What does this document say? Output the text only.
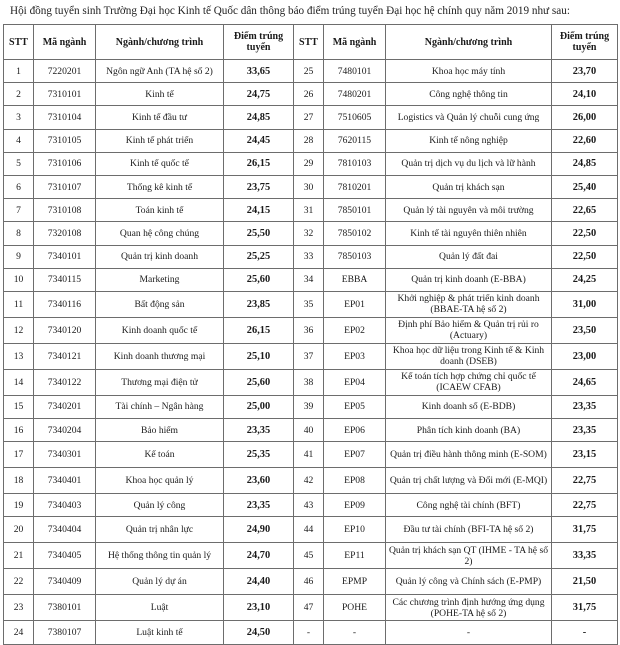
Hội đồng tuyển sinh Trường Đại học Kinh tế Quốc dân thông báo điểm trúng tuyển Đại học hệ chính quy năm 2019 như sau:
STT	Mã ngành	Ngành/chương trình	Điểm trúng tuyển	STT	Mã ngành	Ngành/chương trình	Điểm trúng tuyển
1	7220201	Ngôn ngữ Anh (TA hệ số 2)	33,65	25	7480101	Khoa học máy tính	23,70
2	7310101	Kinh tế	24,75	26	7480201	Công nghệ thông tin	24,10
3	7310104	Kinh tế đầu tư	24,85	27	7510605	Logistics và Quản lý chuỗi cung ứng	26,00
4	7310105	Kinh tế phát triển	24,45	28	7620115	Kinh tế nông nghiệp	22,60
5	7310106	Kinh tế quốc tế	26,15	29	7810103	Quản trị dịch vụ du lịch và lữ hành	24,85
6	7310107	Thống kê kinh tế	23,75	30	7810201	Quản trị khách sạn	25,40
7	7310108	Toán kinh tế	24,15	31	7850101	Quản lý tài nguyên và môi trường	22,65
8	7320108	Quan hệ công chúng	25,50	32	7850102	Kinh tế tài nguyên thiên nhiên	22,50
9	7340101	Quản trị kinh doanh	25,25	33	7850103	Quản lý đất đai	22,50
10	7340115	Marketing	25,60	34	EBBA	Quản trị kinh doanh (E-BBA)	24,25
11	7340116	Bất động sản	23,85	35	EP01	Khởi nghiệp & phát triển kinh doanh (BBAE-TA hệ số 2)	31,00
12	7340120	Kinh doanh quốc tế	26,15	36	EP02	Định phí Bảo hiểm & Quản trị rủi ro (Actuary)	23,50
13	7340121	Kinh doanh thương mại	25,10	37	EP03	Khoa học dữ liệu trong Kinh tế & Kinh doanh (DSEB)	23,00
14	7340122	Thương mại điện tử	25,60	38	EP04	Kế toán tích hợp chứng chỉ quốc tế (ICAEW CFAB)	24,65
15	7340201	Tài chính – Ngân hàng	25,00	39	EP05	Kinh doanh số (E-BDB)	23,35
16	7340204	Bảo hiểm	23,35	40	EP06	Phân tích kinh doanh (BA)	23,35
17	7340301	Kế toán	25,35	41	EP07	Quản trị điều hành thông minh (E-SOM)	23,15
18	7340401	Khoa học quản lý	23,60	42	EP08	Quản trị chất lượng và Đổi mới (E-MQI)	22,75
19	7340403	Quản lý công	23,35	43	EP09	Công nghệ tài chính (BFT)	22,75
20	7340404	Quản trị nhân lực	24,90	44	EP10	Đầu tư tài chính (BFI-TA hệ số 2)	31,75
21	7340405	Hệ thống thông tin quản lý	24,70	45	EP11	Quản trị khách sạn QT (IHME - TA hệ số 2)	33,35
22	7340409	Quản lý dự án	24,40	46	EPMP	Quản lý công và Chính sách (E-PMP)	21,50
23	7380101	Luật	23,10	47	POHE	Các chương trình định hướng ứng dụng (POHE-TA hệ số 2)	31,75
24	7380107	Luật kinh tế	24,50	-	-	-	-
